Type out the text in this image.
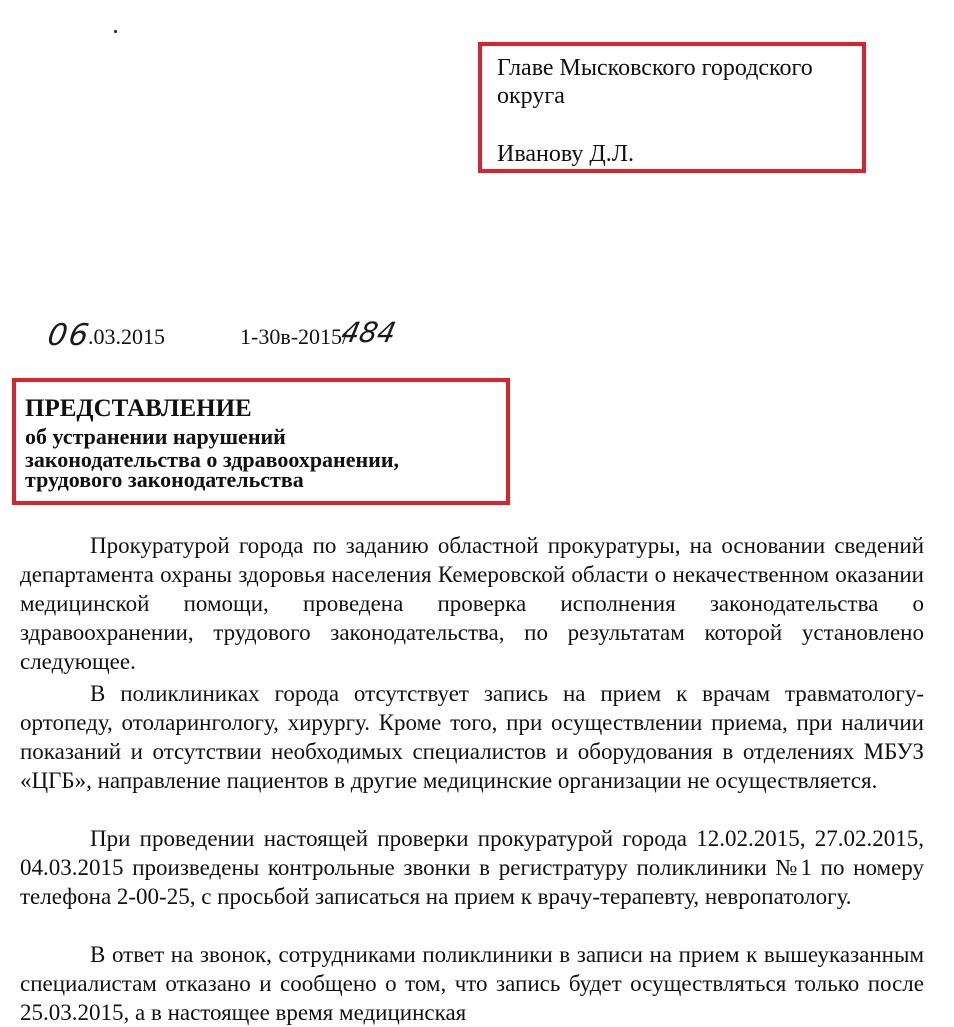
Главе Мысковского городского
округа
Иванову Д.Л.
06
.03.2015	1-30в-2015/
484
ПРЕДСТАВЛЕНИЕ
об устранении нарушений
законодательства о здравоохранении,
трудового законодательства

Прокуратурой города по заданию областной прокуратуры, на основании сведений департамента охраны здоровья населения Кемеровской области о некачественном оказании медицинской помощи, проведена проверка исполнения законодательства о здравоохранении, трудового законодательства, по результатам которой установлено следующее.

В поликлиниках города отсутствует запись на прием к врачам травматологу-ортопеду, отоларингологу, хирургу. Кроме того, при осуществлении приема, при наличии показаний и отсутствии необходимых специалистов и оборудования в отделениях МБУЗ «ЦГБ», направление пациентов в другие медицинские организации не осуществляется.

При проведении настоящей проверки прокуратурой города 12.02.2015, 27.02.2015, 04.03.2015 произведены контрольные звонки в регистратуру поликлиники №1 по номеру телефона 2-00-25, с просьбой записаться на прием к врачу-терапевту, невропатологу.

В ответ на звонок, сотрудниками поликлиники в записи на прием к вышеуказанным специалистам отказано и сообщено о том, что запись будет осуществляться только после 25.03.2015, а в настоящее время медицинская
